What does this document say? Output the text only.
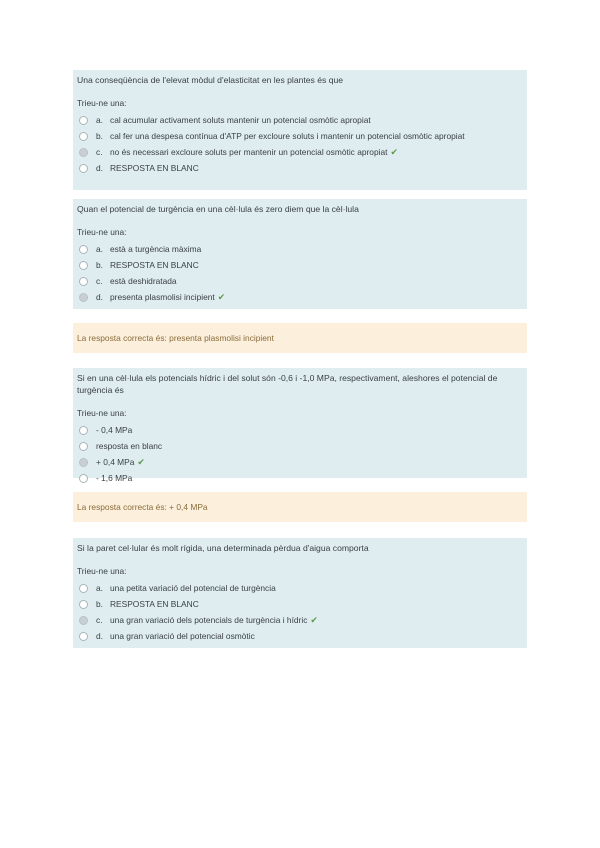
Una conseqüència de l'elevat mòdul d'elasticitat en les plantes és que

Trieu-ne una:
a. cal acumular activament soluts mantenir un potencial osmòtic apropiat
b. cal fer una despesa contínua d'ATP per excloure soluts i mantenir un potencial osmòtic apropiat
c. no és necessari excloure soluts per mantenir un potencial osmòtic apropiat ✔
d. RESPOSTA EN BLANC

Quan el potencial de turgència en una cèl·lula és zero diem que la cèl·lula

Trieu-ne una:
a. està a turgència màxima
b. RESPOSTA EN BLANC
c. està deshidratada
d. presenta plasmolisi incipient ✔

La resposta correcta és: presenta plasmolisi incipient

Si en una cèl·lula els potencials hídric i del solut són -0,6 i -1,0 MPa, respectivament, aleshores el potencial de turgència és

Trieu-ne una:
- 0,4 MPa
resposta en blanc
+ 0,4 MPa ✔
- 1,6 MPa

La resposta correcta és: + 0,4 MPa

Si la paret cel·lular és molt rígida, una determinada pèrdua d'aigua comporta

Trieu-ne una:
a. una petita variació del potencial de turgència
b. RESPOSTA EN BLANC
c. una gran variació dels potencials de turgència i hídric ✔
d. una gran variació del potencial osmòtic
